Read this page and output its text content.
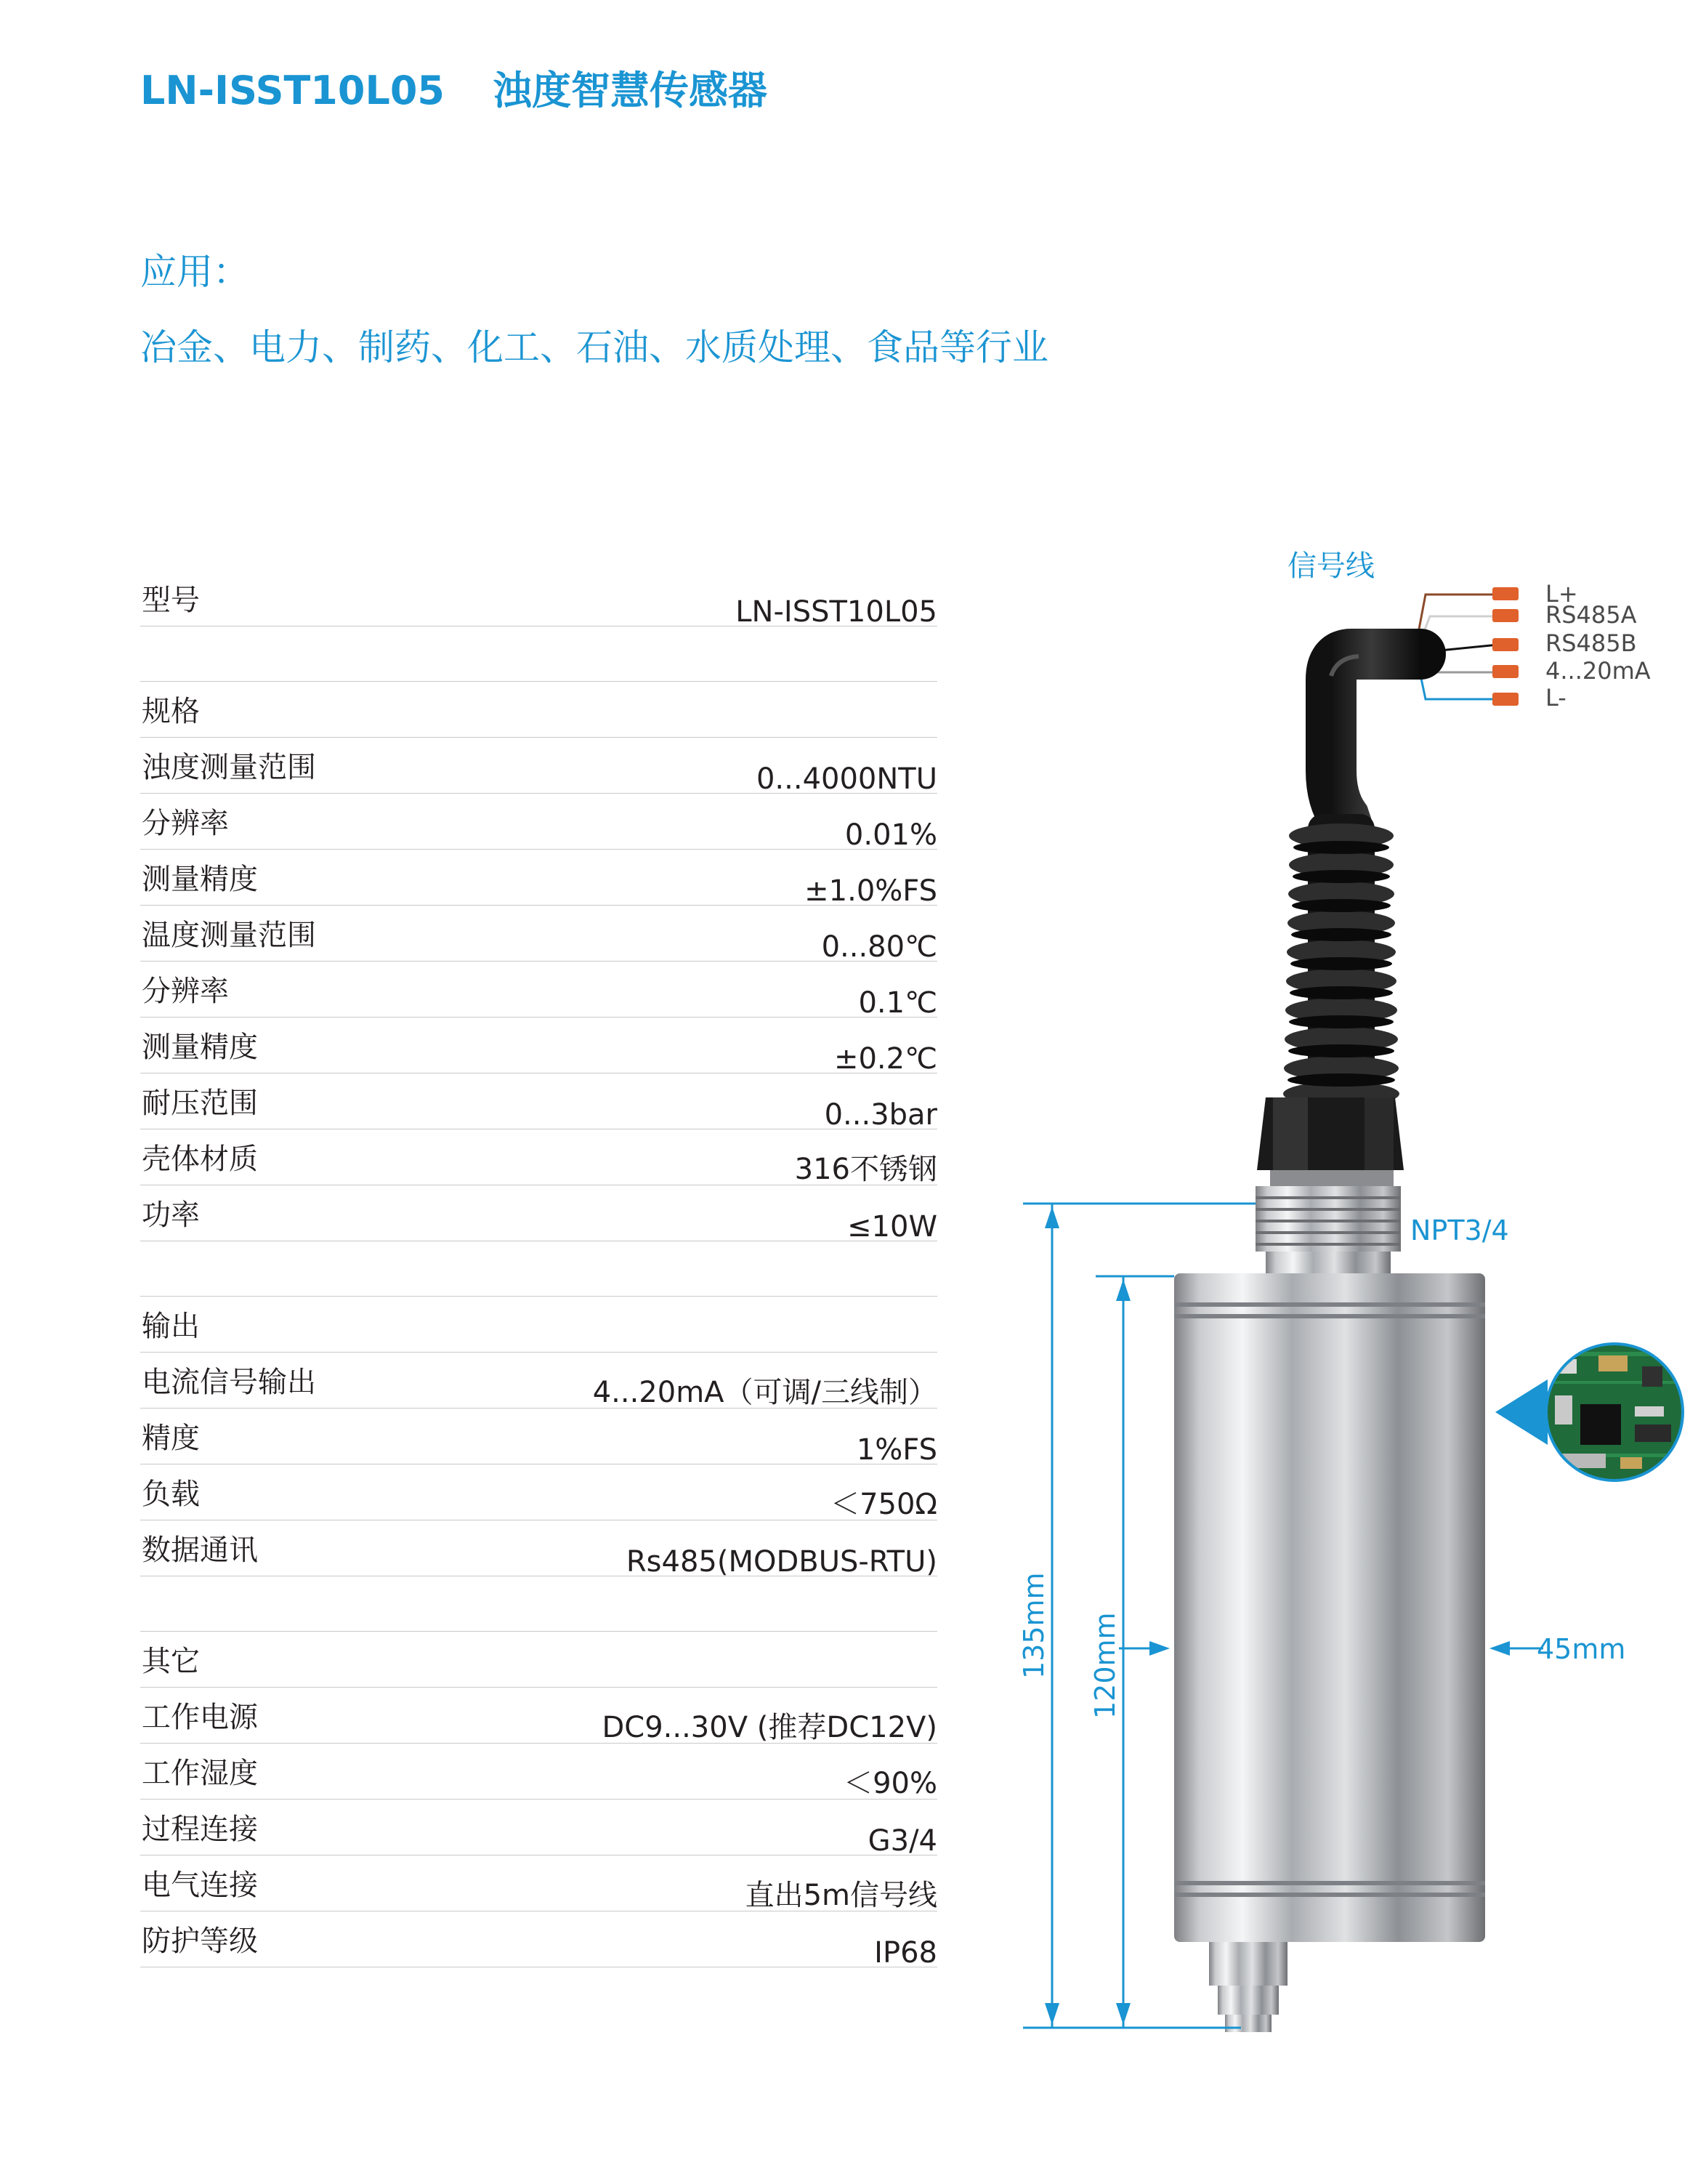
LN-ISST10L05 浊度智慧传感器
应用：
冶金、电力、制药、化工、石油、水质处理、食品等行业
型号	LN-ISST10L05
规格
浊度测量范围	0...4000NTU
分辨率	0.01%
测量精度	±1.0%FS
温度测量范围	0...80℃
分辨率	0.1℃
测量精度	±0.2℃
耐压范围	0...3bar
壳体材质	316不锈钢
功率	≤10W
输出
电流信号输出	4...20mA（可调/三线制）
精度	1%FS
负载	＜750Ω
数据通讯	Rs485(MODBUS-RTU)
其它
工作电源	DC9...30V (推荐DC12V)
工作湿度	＜90%
过程连接	G3/4
电气连接	直出5m信号线
防护等级	IP68
信号线
L+
RS485A
RS485B
4...20mA
L-
NPT3/4
135mm 120mm	45mm
